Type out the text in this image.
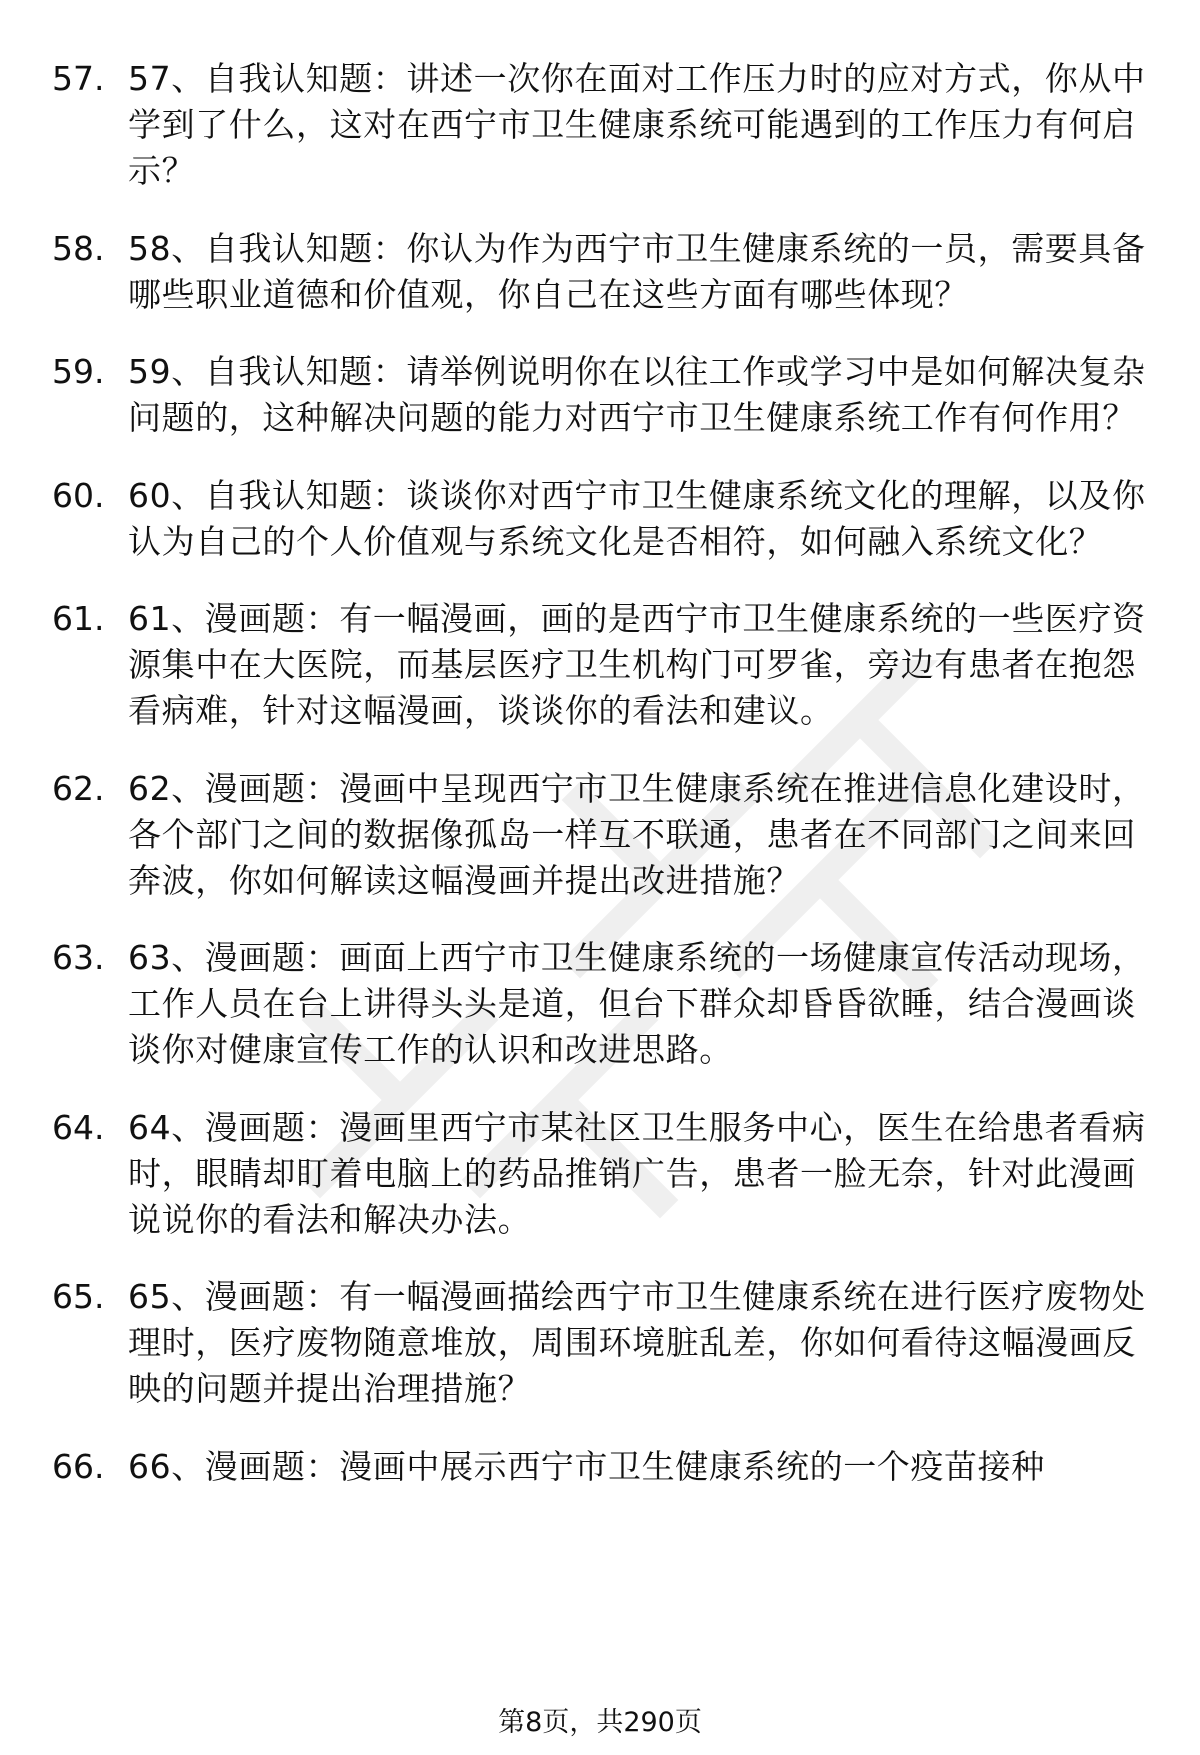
57. 57、自我认知题：讲述一次你在面对工作压力时的应对方式，你从中学到了什么，这对在西宁市卫生健康系统可能遇到的工作压力有何启示？
58. 58、自我认知题：你认为作为西宁市卫生健康系统的一员，需要具备哪些职业道德和价值观，你自己在这些方面有哪些体现？
59. 59、自我认知题：请举例说明你在以往工作或学习中是如何解决复杂问题的，这种解决问题的能力对西宁市卫生健康系统工作有何作用？
60. 60、自我认知题：谈谈你对西宁市卫生健康系统文化的理解，以及你认为自己的个人价值观与系统文化是否相符，如何融入系统文化？
61. 61、漫画题：有一幅漫画，画的是西宁市卫生健康系统的一些医疗资源集中在大医院，而基层医疗卫生机构门可罗雀，旁边有患者在抱怨看病难，针对这幅漫画，谈谈你的看法和建议。
62. 62、漫画题：漫画中呈现西宁市卫生健康系统在推进信息化建设时，各个部门之间的数据像孤岛一样互不联通，患者在不同部门之间来回奔波，你如何解读这幅漫画并提出改进措施？
63. 63、漫画题：画面上西宁市卫生健康系统的一场健康宣传活动现场，工作人员在台上讲得头头是道，但台下群众却昏昏欲睡，结合漫画谈谈你对健康宣传工作的认识和改进思路。
64. 64、漫画题：漫画里西宁市某社区卫生服务中心，医生在给患者看病时，眼睛却盯着电脑上的药品推销广告，患者一脸无奈，针对此漫画说说你的看法和解决办法。
65. 65、漫画题：有一幅漫画描绘西宁市卫生健康系统在进行医疗废物处理时，医疗废物随意堆放，周围环境脏乱差，你如何看待这幅漫画反映的问题并提出治理措施？
66. 66、漫画题：漫画中展示西宁市卫生健康系统的一个疫苗接种
第8页，共290页
